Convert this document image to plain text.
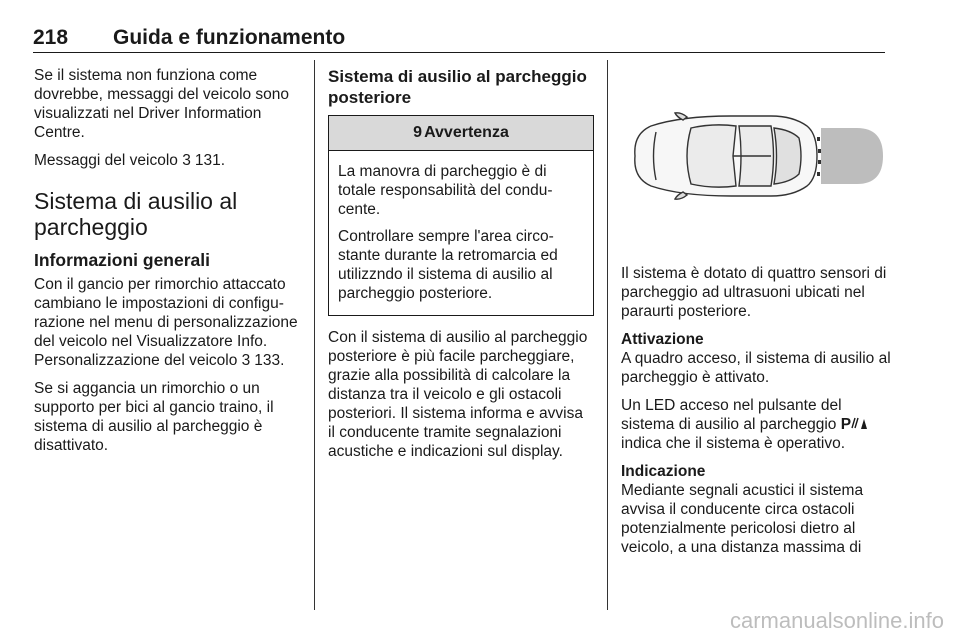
218 Guida e funzionamento

Se il sistema non funziona come dovrebbe, messaggi del veicolo sono visualizzati nel Driver Information Centre.

Messaggi del veicolo 3 131.

Sistema di ausilio al parcheggio
Informazioni generali

Con il gancio per rimorchio attaccato cambiano le impostazioni di configurazione nel menu di personalizzazione del veicolo nel Visualizzatore Info. Personalizzazione del veicolo 3 133.

Se si aggancia un rimorchio o un supporto per bici al gancio traino, il sistema di ausilio al parcheggio è disattivato.

Sistema di ausilio al parcheggio posteriore
9 Avvertenza

La manovra di parcheggio è di totale responsabilità del conducente.

Controllare sempre l'area circostante durante la retromarcia ed utilizzndo il sistema di ausilio al parcheggio posteriore.

Con il sistema di ausilio al parcheggio posteriore è più facile parcheggiare, grazie alla possibilità di calcolare la distanza tra il veicolo e gli ostacoli posteriori. Il sistema informa e avvisa il conducente tramite segnalazioni acustiche e indicazioni sul display.

Il sistema è dotato di quattro sensori di parcheggio ad ultrasuoni ubicati nel paraurti posteriore.

Attivazione

A quadro acceso, il sistema di ausilio al parcheggio è attivato.

Un LED acceso nel pulsante del sistema di ausilio al parcheggio P indica che il sistema è operativo.

Indicazione

Mediante segnali acustici il sistema avvisa il conducente circa ostacoli potenzialmente pericolosi dietro al veicolo, a una distanza massima di

carmanualsonline.info
